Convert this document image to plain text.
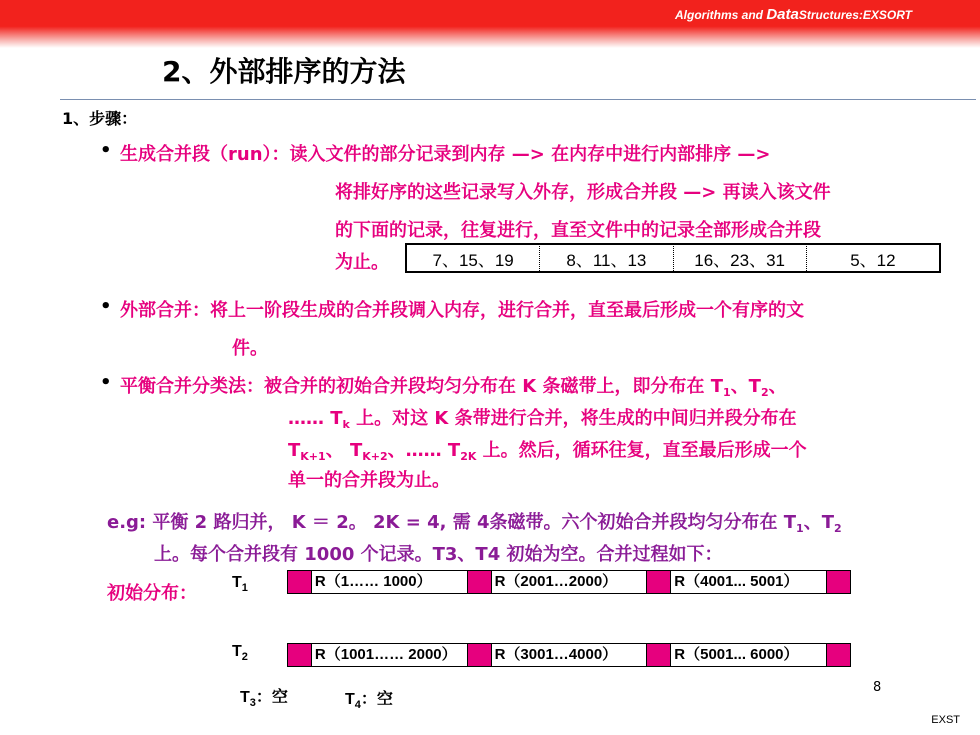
Algorithms and DataStructures:EXSORT
2、外部排序的方法
1、步骤：
• 生成合并段（run）：读入文件的部分记录到内存 —> 在内存中进行内部排序 —>
将排好序的这些记录写入外存，形成合并段 —> 再读入该文件
的下面的记录，往复进行，直至文件中的记录全部形成合并段
为止。	7、15、19	8、11、13	16、23、31	5、12
• 外部合并：将上一阶段生成的合并段调入内存，进行合并，直至最后形成一个有序的文
件。
• 平衡合并分类法：被合并的初始合并段均匀分布在 K 条磁带上，即分布在 $T_1$、$T_2$、
…… $T_k$ 上。对这 K 条带进行合并，将生成的中间归并段分布在
$T_{K+1}$、 $T_{K+2}$、…… $T_{2K}$ 上。然后，循环往复，直至最后形成一个
单一的合并段为止。
e.g: 平衡 2 路归并， K ＝ 2。 2K = 4, 需 4条磁带。六个初始合并段均匀分布在 $T_1$、$T_2$
上。每个合并段有 1000 个记录。T3、T4 初始为空。合并过程如下：
初始分布：
$T_1$	R（1…… 1000）	R（2001…2000）	R（4001... 5001）
$T_2$	R（1001…… 2000）	R（3001…4000）	R（5001... 6000）
$T_3$：空	$T_4$：空
8
EXST
